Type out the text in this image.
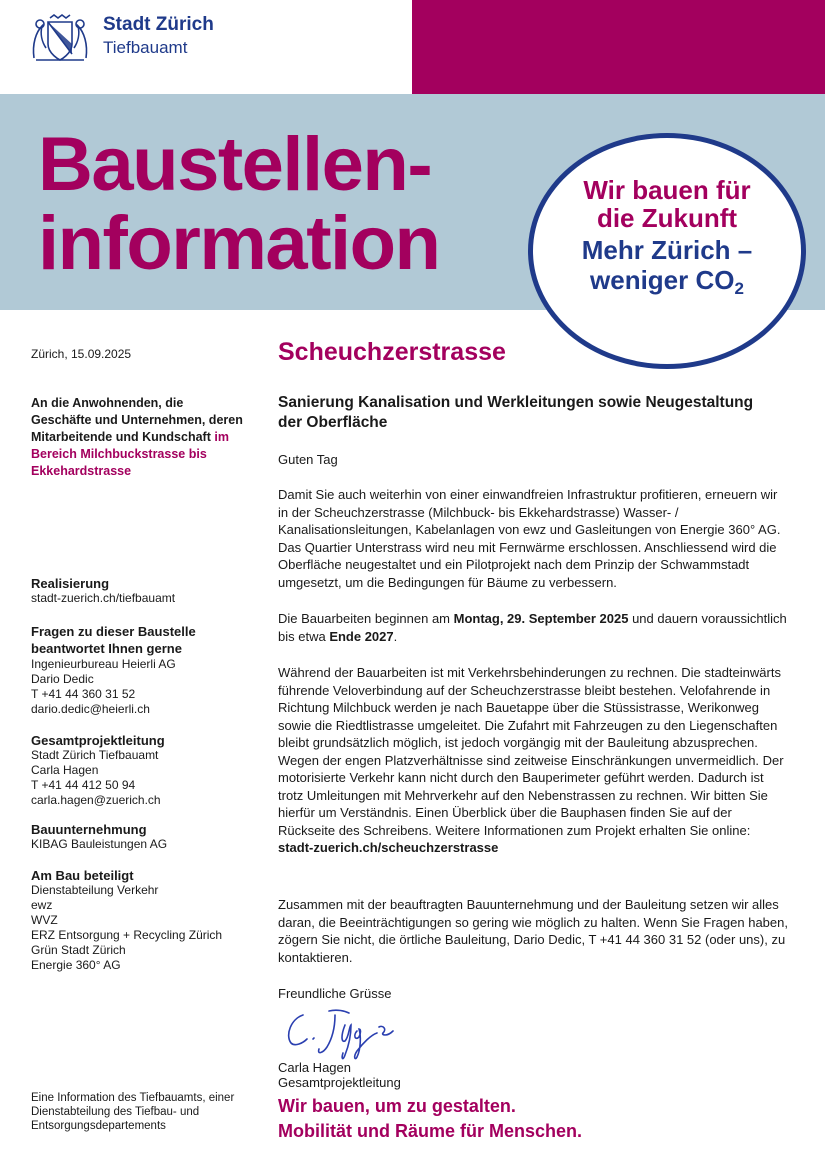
Stadt Zürich
Tiefbauamt
Baustellen-
information
Wir bauen für
die Zukunft
Mehr Zürich –
weniger CO2
Zürich, 15.09.2025
An die Anwohnenden, die Geschäfte und Unternehmen, deren Mitarbeitende und Kundschaft im Bereich Milchbuckstrasse bis Ekkehardstrasse
Realisierung
stadt-zuerich.ch/tiefbauamt
Fragen zu dieser Baustelle beantwortet Ihnen gerne
Ingenieurbureau Heierli AG
Dario Dedic
T +41 44 360 31 52
dario.dedic@heierli.ch
Gesamtprojektleitung
Stadt Zürich Tiefbauamt
Carla Hagen
T +41 44 412 50 94
carla.hagen@zuerich.ch
Bauunternehmung
KIBAG Bauleistungen AG
Am Bau beteiligt
Dienstabteilung Verkehr
ewz
WVZ
ERZ Entsorgung + Recycling Zürich
Grün Stadt Zürich
Energie 360° AG
Eine Information des Tiefbauamts, einer Dienstabteilung des Tiefbau- und Entsorgungsdepartements
Scheuchzerstrasse
Sanierung Kanalisation und Werkleitungen sowie Neugestaltung der Oberfläche
Guten Tag
Damit Sie auch weiterhin von einer einwandfreien Infrastruktur profitieren, erneuern wir in der Scheuchzerstrasse (Milchbuck- bis Ekkehardstrasse) Wasser- / Kanalisationsleitungen, Kabelanlagen von ewz und Gasleitungen von Energie 360° AG. Das Quartier Unterstrass wird neu mit Fernwärme erschlossen. Anschliessend wird die Oberfläche neugestaltet und ein Pilotprojekt nach dem Prinzip der Schwammstadt umgesetzt, um die Bedingungen für Bäume zu verbessern.
Die Bauarbeiten beginnen am Montag, 29. September 2025 und dauern voraussichtlich bis etwa Ende 2027.
Während der Bauarbeiten ist mit Verkehrsbehinderungen zu rechnen. Die stadteinwärts führende Veloverbindung auf der Scheuchzerstrasse bleibt bestehen. Velofahrende in Richtung Milchbuck werden je nach Bauetappe über die Stüssistrasse, Werikonweg sowie die Riedtlistrasse umgeleitet. Die Zufahrt mit Fahrzeugen zu den Liegenschaften bleibt grundsätzlich möglich, ist jedoch vorgängig mit der Bauleitung abzusprechen. Wegen der engen Platzverhältnisse sind zeitweise Einschränkungen unvermeidlich. Der motorisierte Verkehr kann nicht durch den Bauperimeter geführt werden. Dadurch ist trotz Umleitungen mit Mehrverkehr auf den Nebenstrassen zu rechnen. Wir bitten Sie hierfür um Verständnis. Einen Überblick über die Bauphasen finden Sie auf der Rückseite des Schreibens. Weitere Informationen zum Projekt erhalten Sie online:
stadt-zuerich.ch/scheuchzerstrasse
Zusammen mit der beauftragten Bauunternehmung und der Bauleitung setzen wir alles daran, die Beeinträchtigungen so gering wie möglich zu halten. Wenn Sie Fragen haben, zögern Sie nicht, die örtliche Bauleitung, Dario Dedic, T +41 44 360 31 52 (oder uns), zu kontaktieren.
Freundliche Grüsse
Carla Hagen
Gesamtprojektleitung
Wir bauen, um zu gestalten.
Mobilität und Räume für Menschen.
